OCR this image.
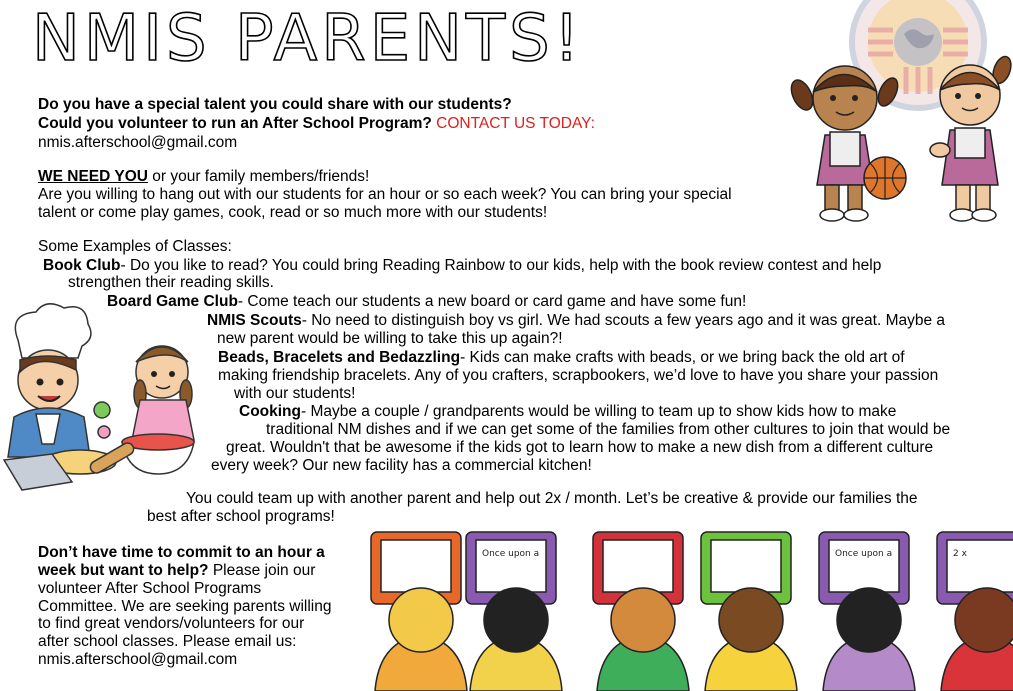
NMIS PARENTS!
Once upon a	Once upon a	2 x
Do you have a special talent you could share with our students?
Could you volunteer to run an After School Program? CONTACT US TODAY:
nmis.afterschool@gmail.com
WE NEED YOU or your family members/friends!
Are you willing to hang out with our students for an hour or so each week? You can bring your special
talent or come play games, cook, read or so much more with our students!
Some Examples of Classes:
Book Club- Do you like to read? You could bring Reading Rainbow to our kids, help with the book review contest and help
strengthen their reading skills.
Board Game Club- Come teach our students a new board or card game and have some fun!
NMIS Scouts- No need to distinguish boy vs girl. We had scouts a few years ago and it was great. Maybe a
new parent would be willing to take this up again?!
Beads, Bracelets and Bedazzling- Kids can make crafts with beads, or we bring back the old art of
making friendship bracelets. Any of you crafters, scrapbookers, we’d love to have you share your passion
with our students!
Cooking- Maybe a couple / grandparents would be willing to team up to show kids how to make
traditional NM dishes and if we can get some of the families from other cultures to join that would be
great. Wouldn't that be awesome if the kids got to learn how to make a new dish from a different culture
every week? Our new facility has a commercial kitchen!
You could team up with another parent and help out 2x / month. Let’s be creative & provide our families the
best after school programs!
Don’t have time to commit to an hour a
week but want to help? Please join our
volunteer After School Programs
Committee. We are seeking parents willing
to find great vendors/volunteers for our
after school classes. Please email us:
nmis.afterschool@gmail.com
